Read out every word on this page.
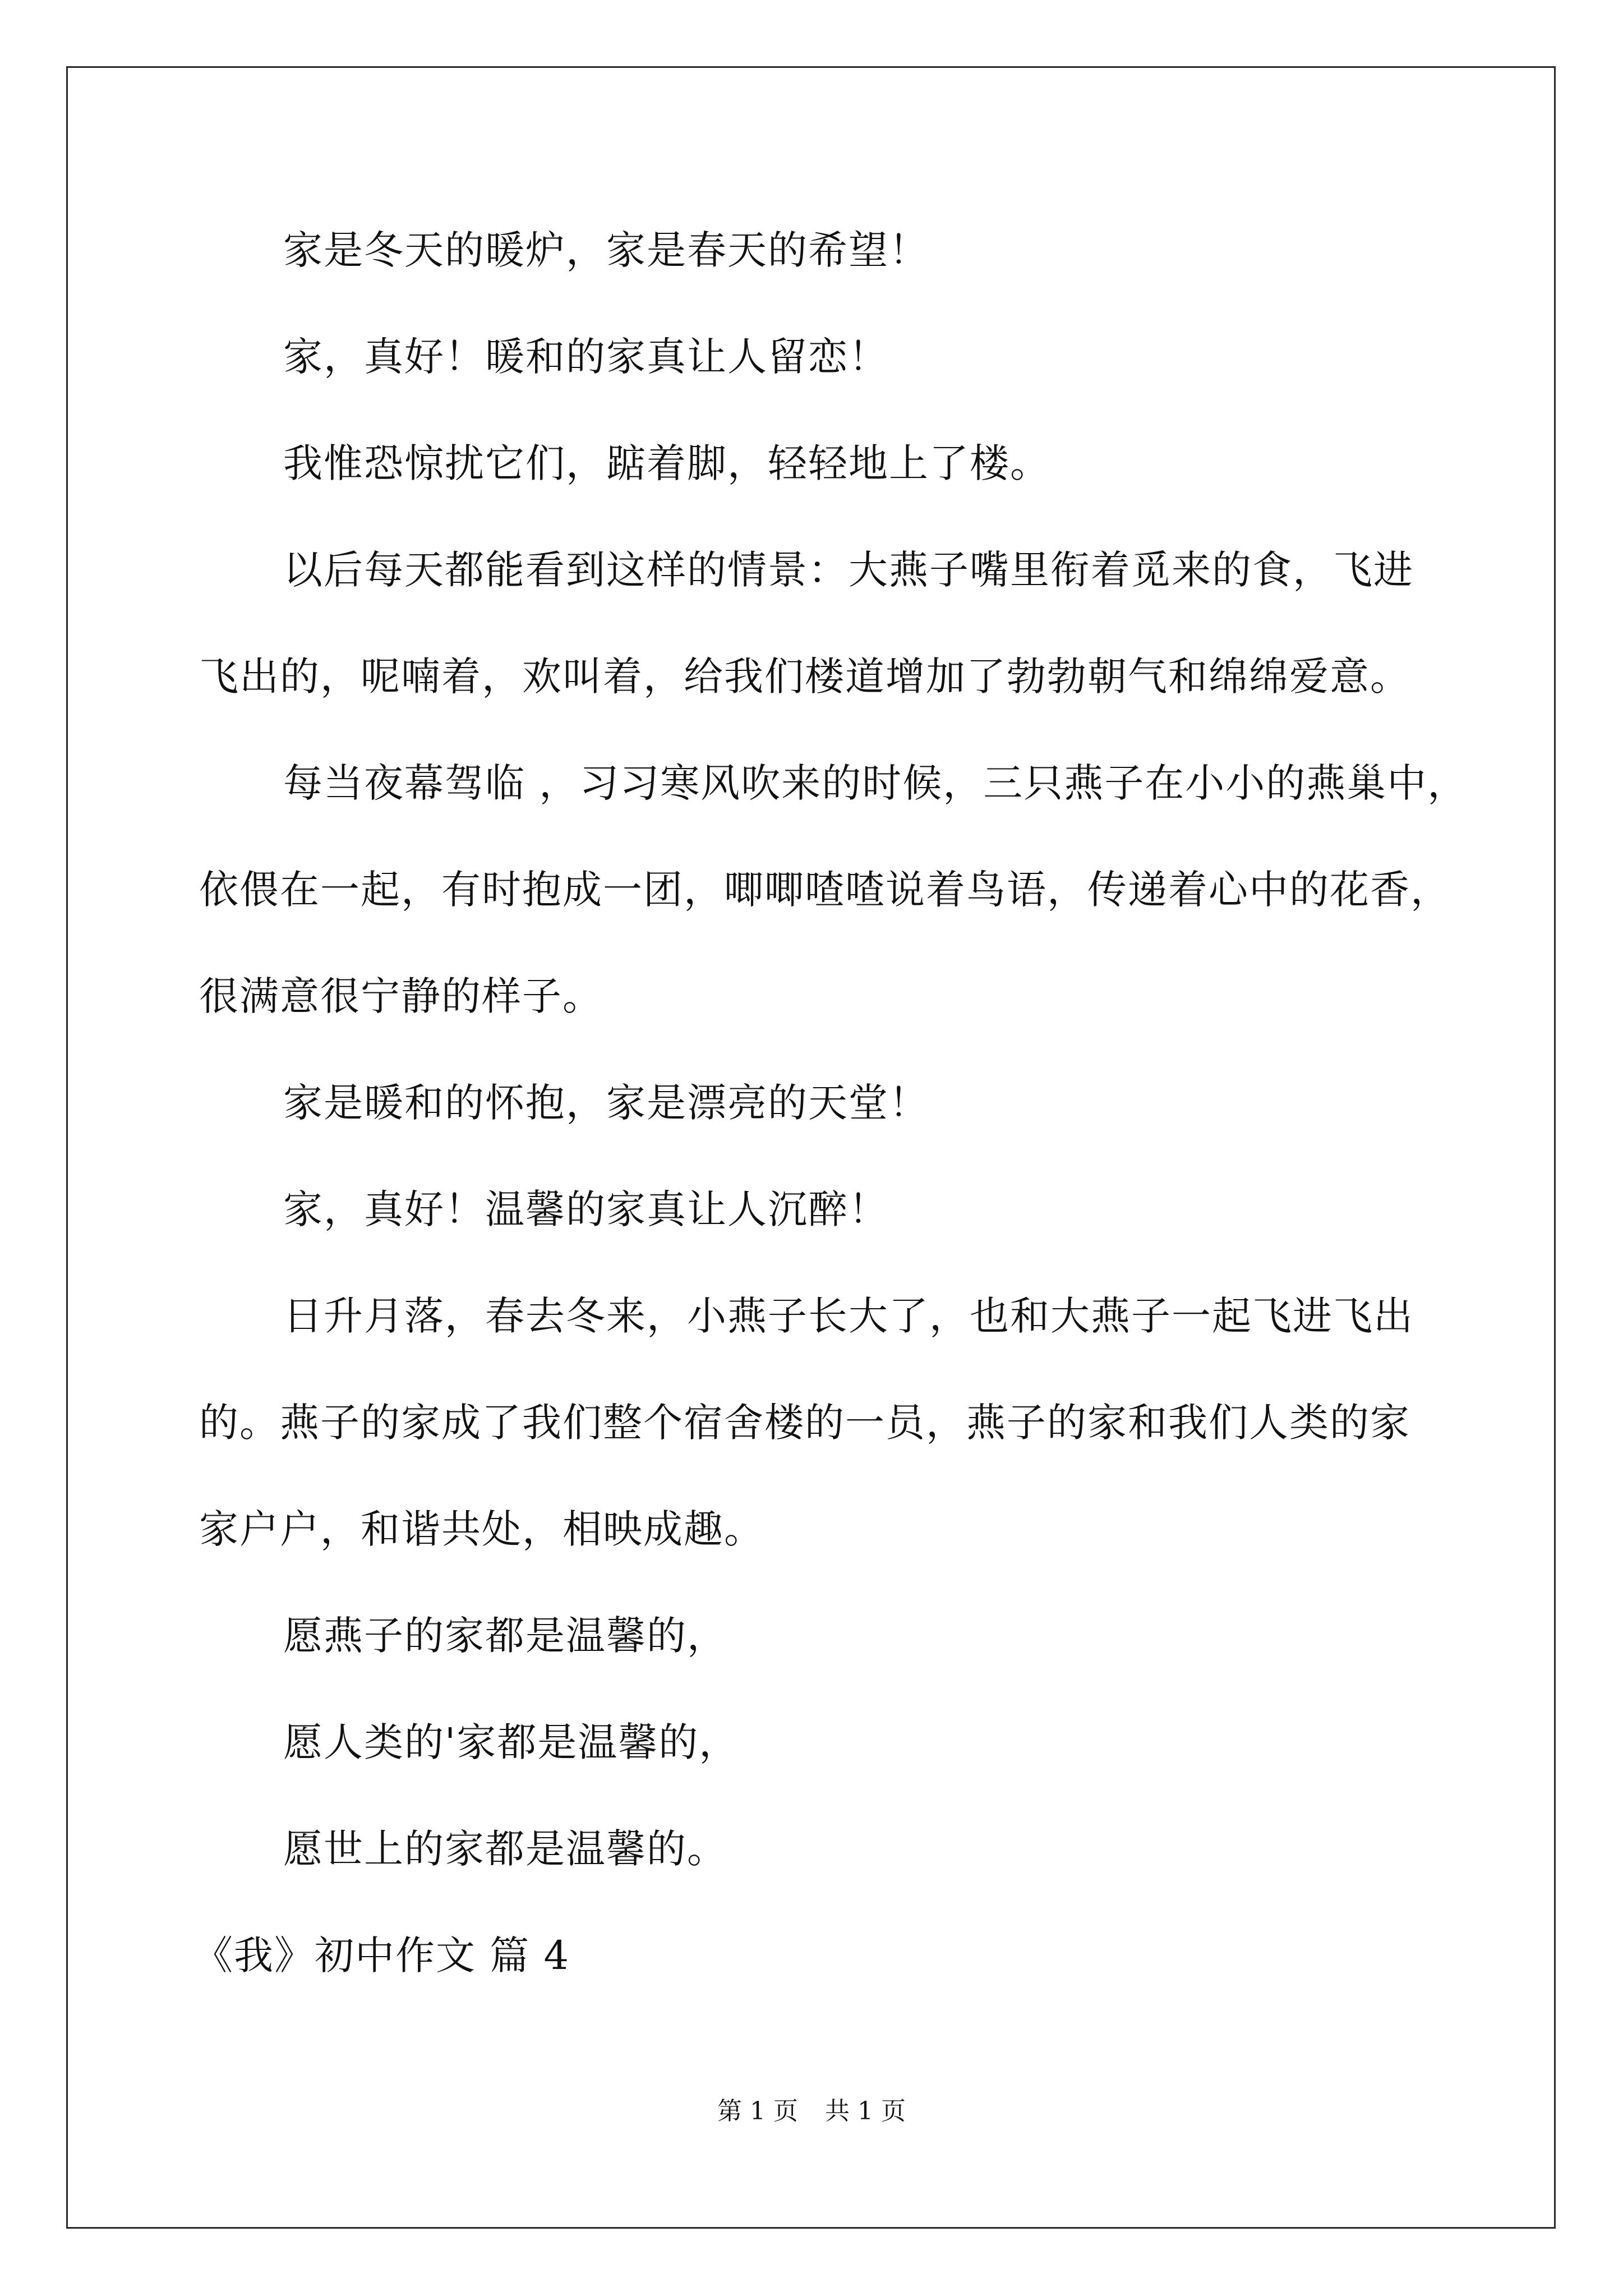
家是冬天的暖炉，家是春天的希望！
家，真好！暖和的家真让人留恋！
我惟恐惊扰它们，踮着脚，轻轻地上了楼。
以后每天都能看到这样的情景：大燕子嘴里衔着觅来的食，飞进
飞出的，呢喃着，欢叫着，给我们楼道增加了勃勃朝气和绵绵爱意。
每当夜幕驾临 ，习习寒风吹来的时候，三只燕子在小小的燕巢中，
依偎在一起，有时抱成一团，唧唧喳喳说着鸟语，传递着心中的花香，
很满意很宁静的样子。
家是暖和的怀抱，家是漂亮的天堂！
家，真好！温馨的家真让人沉醉！
日升月落，春去冬来，小燕子长大了，也和大燕子一起飞进飞出
的。燕子的家成了我们整个宿舍楼的一员，燕子的家和我们人类的家
家户户，和谐共处，相映成趣。
愿燕子的家都是温馨的，
愿人类的'家都是温馨的，
愿世上的家都是温馨的。
《我》初中作文 篇 4
第 1 页 共 1 页
